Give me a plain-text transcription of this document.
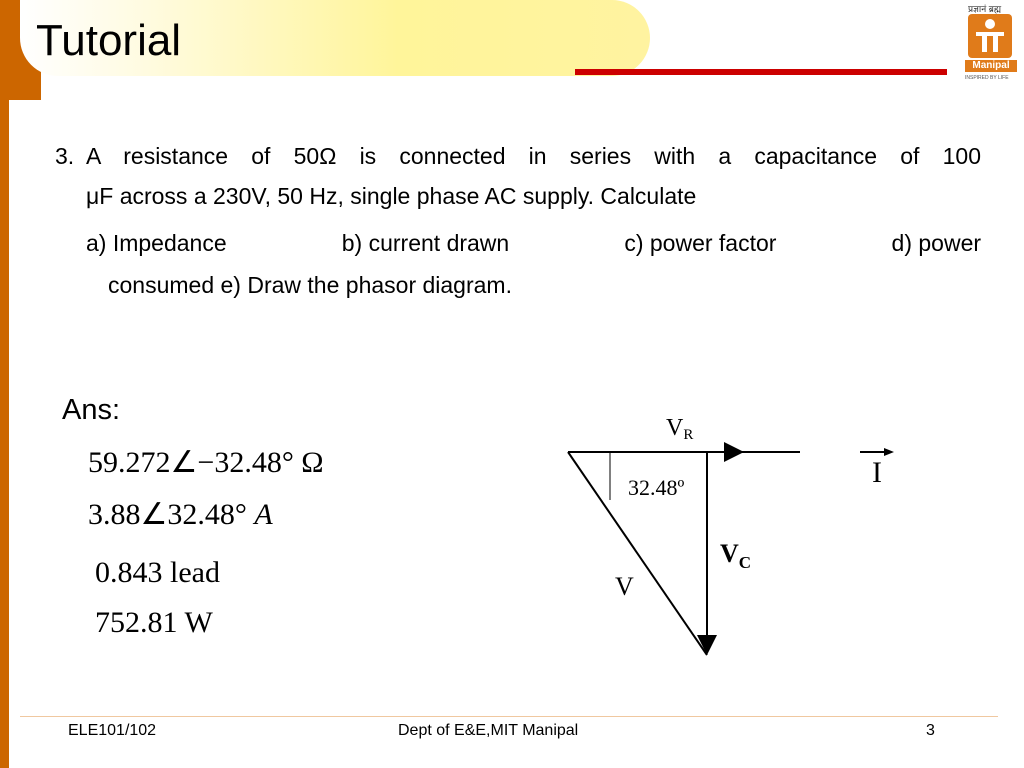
Tutorial
प्रज्ञानं ब्रह्म
Manipal
INSPIRED BY LIFE
3. A resistance of 50Ω is connected in series with a capacitance of 100
μF across a 230V, 50 Hz, single phase AC supply. Calculate
a) Impedance	b) current drawn	c) power factor	d) power
consumed e) Draw the phasor diagram.
Ans:
59.272∠−32.48° Ω
3.88∠32.48° A
0.843 lead
752.81 W
VR
32.48º
$V_C$
V
I
ELE101/102	Dept of E&E,MIT Manipal	3
